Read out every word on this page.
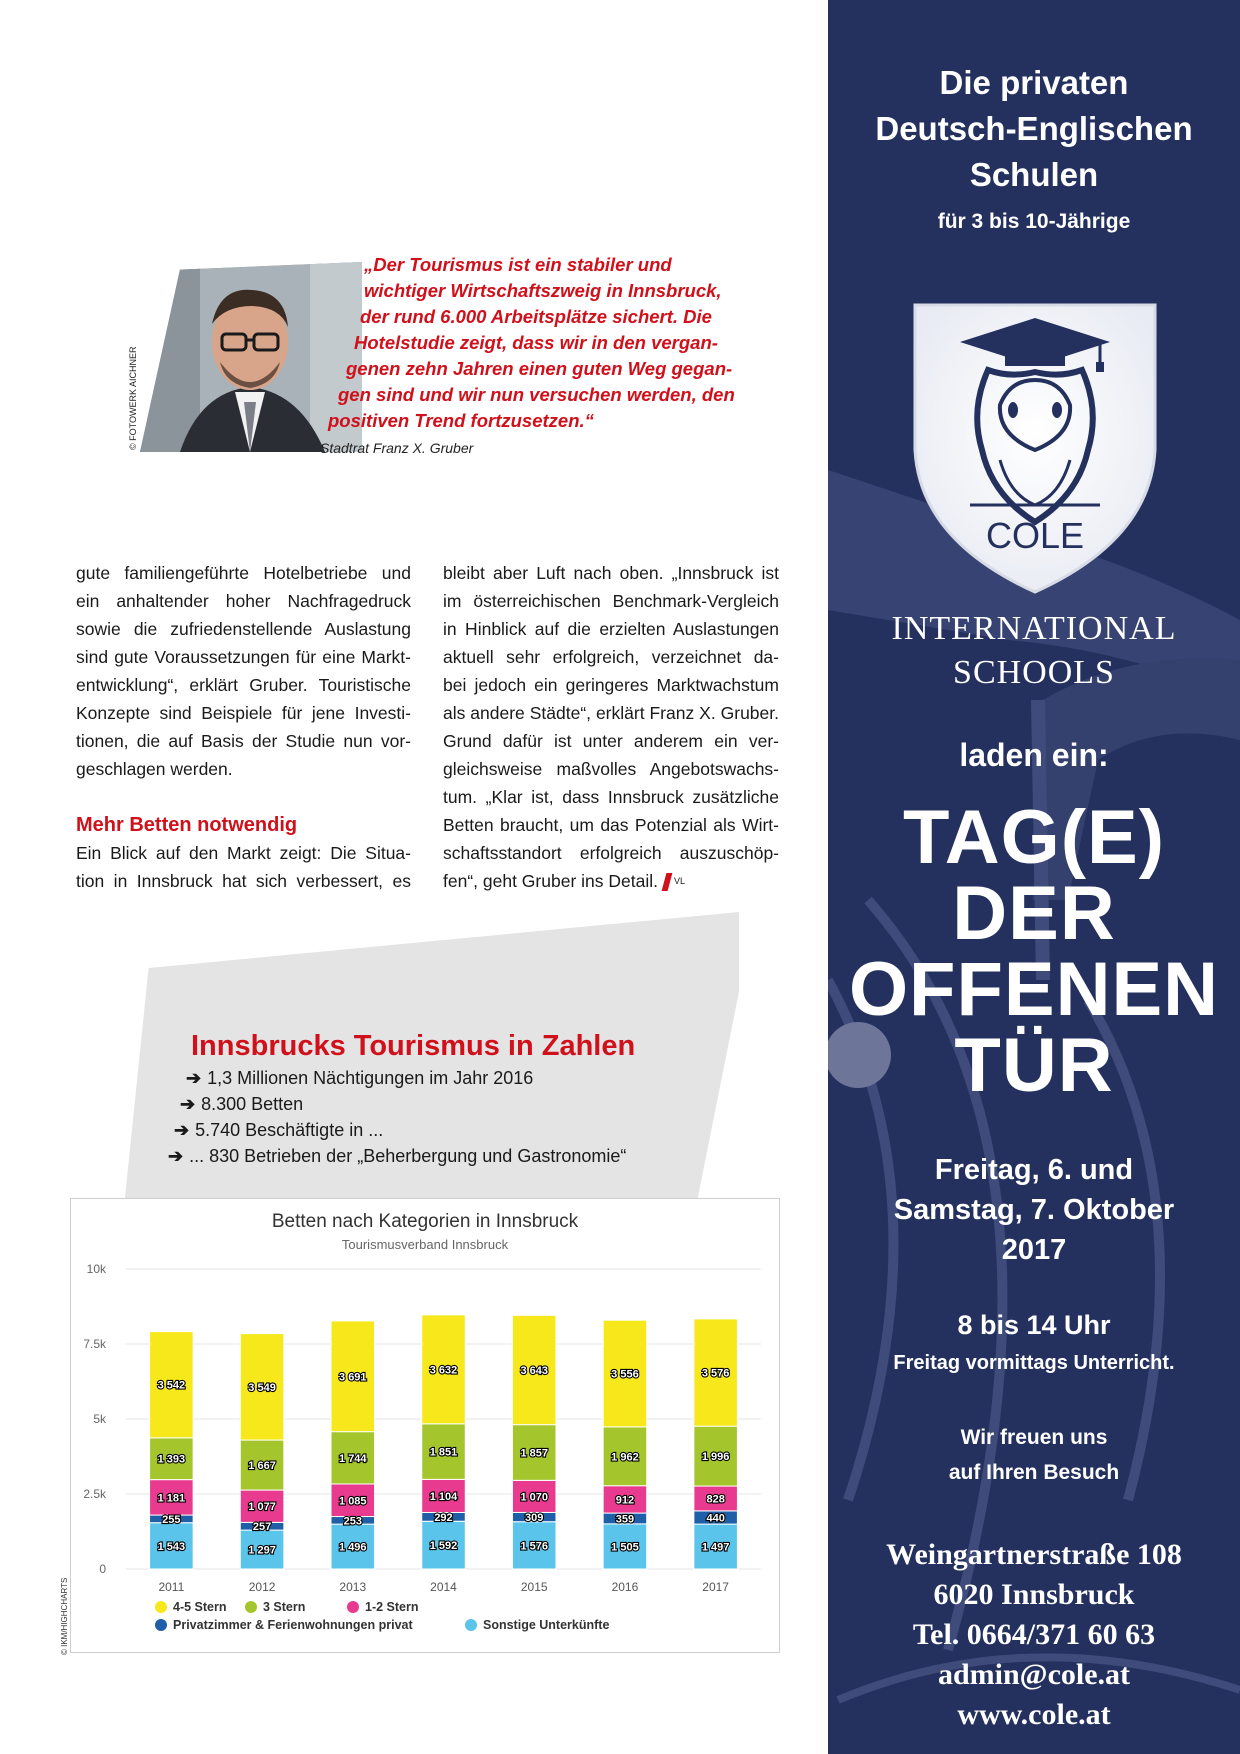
© FOTOWERK AICHNER
„Der Tourismus ist ein stabiler und
wichtiger Wirtschaftszweig in Innsbruck,
der rund 6.000 Arbeitsplätze sichert. Die
Hotelstudie zeigt, dass wir in den vergan-
genen zehn Jahren einen guten Weg gegan-
gen sind und wir nun versuchen werden, den
positiven Trend fortzusetzen.“
Stadtrat Franz X. Gruber
gute familiengeführte Hotelbetriebe und
ein anhaltender hoher Nachfragedruck
sowie die zufriedenstellende Auslastung
sind gute Voraussetzungen für eine Markt-
entwicklung“, erklärt Gruber. Touristische
Konzepte sind Beispiele für jene Investi-
tionen, die auf Basis der Studie nun vor-
geschlagen werden.
Mehr Betten notwendig
Ein Blick auf den Markt zeigt: Die Situa-
tion in Innsbruck hat sich verbessert, es
bleibt aber Luft nach oben. „Innsbruck ist
im österreichischen Benchmark-Vergleich
in Hinblick auf die erzielten Auslastungen
aktuell sehr erfolgreich, verzeichnet da-
bei jedoch ein geringeres Marktwachstum
als andere Städte“, erklärt Franz X. Gruber.
Grund dafür ist unter anderem ein ver-
gleichsweise maßvolles Angebotswachs-
tum. „Klar ist, dass Innsbruck zusätzliche
Betten braucht, um das Potenzial als Wirt-
schaftsstandort erfolgreich auszuschöp-
fen“, geht Gruber ins Detail. $^{VL}$
Innsbrucks Tourismus in Zahlen
➔ 1,3 Millionen Nächtigungen im Jahr 2016
➔ 8.300 Betten
➔ 5.740 Beschäftigte in ...
➔ ... 830 Betrieben der „Beherbergung und Gastronomie“
Betten nach Kategorien in Innsbruck
Tourismusverband Innsbruck
0
2.5k
5k
7.5k
10k
1 543
255
1 181
1 393
3 542
1 297
257
1 077
1 667
3 549
1 496
253
1 085
1 744
3 691
1 592
292
1 104
1 851
3 632
1 576
309
1 070
1 857
3 643
1 505
359
912
1 962
3 556
1 497
440
828
1 996
3 576
2011	2012	2013	2014	2015	2016	2017
4-5 Stern	3 Stern	1-2 Stern
Privatzimmer & Ferienwohnungen privat	Sonstige Unterkünfte
© IKM/HIGHCHARTS
Die privaten
Deutsch-Englischen
Schulen
für 3 bis 10-Jährige
COLE
INTERNATIONAL
SCHOOLS
laden ein:
TAG(E)
DER
OFFENEN
TÜR
Freitag, 6. und
Samstag, 7. Oktober
2017
8 bis 14 Uhr
Freitag vormittags Unterricht.
Wir freuen uns
auf Ihren Besuch
Weingartnerstraße 108
6020 Innsbruck
Tel. 0664/371 60 63
admin@cole.at
www.cole.at
